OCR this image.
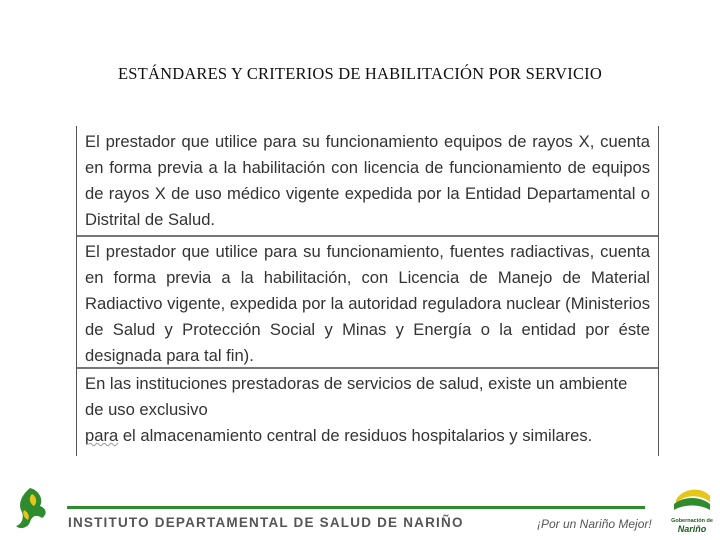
ESTÁNDARES Y CRITERIOS DE HABILITACIÓN POR SERVICIO
El prestador que utilice para su funcionamiento equipos de rayos X, cuenta en forma previa a la habilitación con licencia de funcionamiento de equipos de rayos X de uso médico vigente expedida por la Entidad Departamental o Distrital de Salud.
El prestador que utilice para su funcionamiento, fuentes radiactivas, cuenta en forma previa a la habilitación, con Licencia de Manejo de Material Radiactivo vigente, expedida por la autoridad reguladora nuclear (Ministerios de Salud y Protección Social y Minas y Energía o la entidad por éste designada para tal fin).
En las instituciones prestadoras de servicios de salud, existe un ambiente de uso exclusivo
para el almacenamiento central de residuos hospitalarios y similares.
INSTITUTO DEPARTAMENTAL DE SALUD DE NARIÑO	¡Por un Nariño Mejor!	Gobernación de
Nariño
